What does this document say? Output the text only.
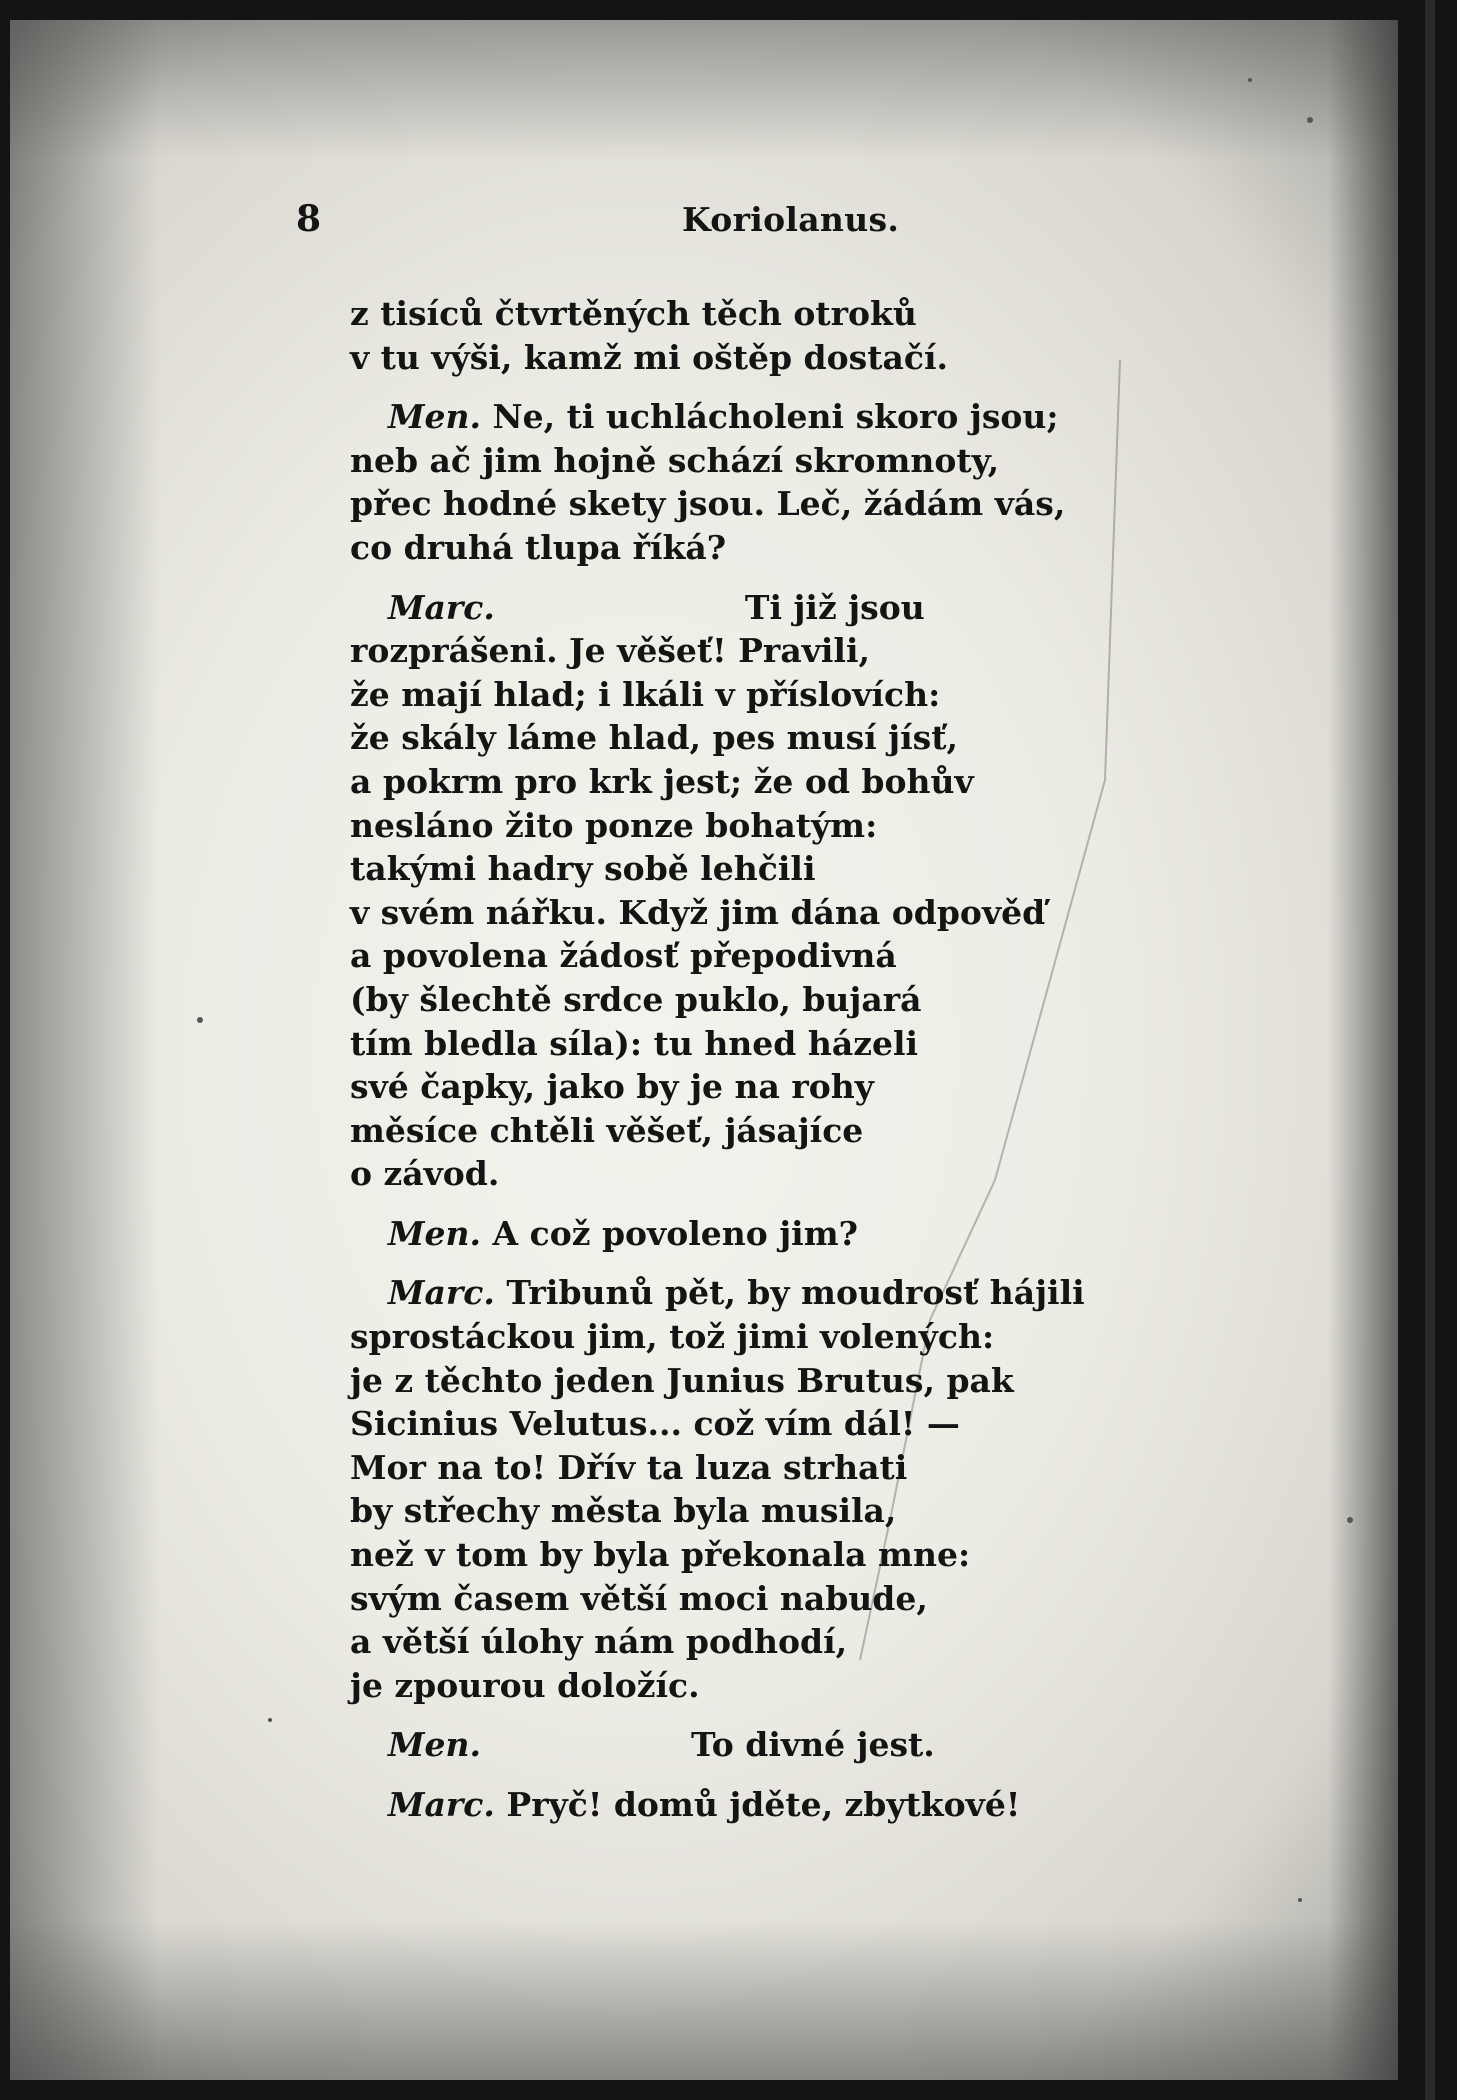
8	Koriolanus.
z tisíců čtvrtěných těch otroků
v tu výši, kamž mi oštěp dostačí.
Men. Ne, ti uchlácholeni skoro jsou;
neb ač jim hojně schází skromnoty,
přec hodné skety jsou. Leč, žádám vás,
co druhá tlupa říká?
Marc.	Ti již jsou
rozprášeni. Je věšeť! Pravili,
že mají hlad; i lkáli v příslovích:
že skály láme hlad, pes musí jísť,
a pokrm pro krk jest; že od bohův
nesláno žito ponze bohatým:
takými hadry sobě lehčili
v svém nářku. Když jim dána odpověď
a povolena žádosť přepodivná
(by šlechtě srdce puklo, bujará
tím bledla síla): tu hned házeli
své čapky, jako by je na rohy
měsíce chtěli věšeť, jásajíce
o závod.
Men. A což povoleno jim?
Marc. Tribunů pět, by moudrosť hájili
sprostáckou jim, tož jimi volených:
je z těchto jeden Junius Brutus, pak
Sicinius Velutus... což vím dál! —
Mor na to! Dřív ta luza strhati
by střechy města byla musila,
než v tom by byla překonala mne:
svým časem větší moci nabude,
a větší úlohy nám podhodí,
je zpourou doložíc.
Men.	To divné jest.
Marc. Pryč! domů jděte, zbytkové!
